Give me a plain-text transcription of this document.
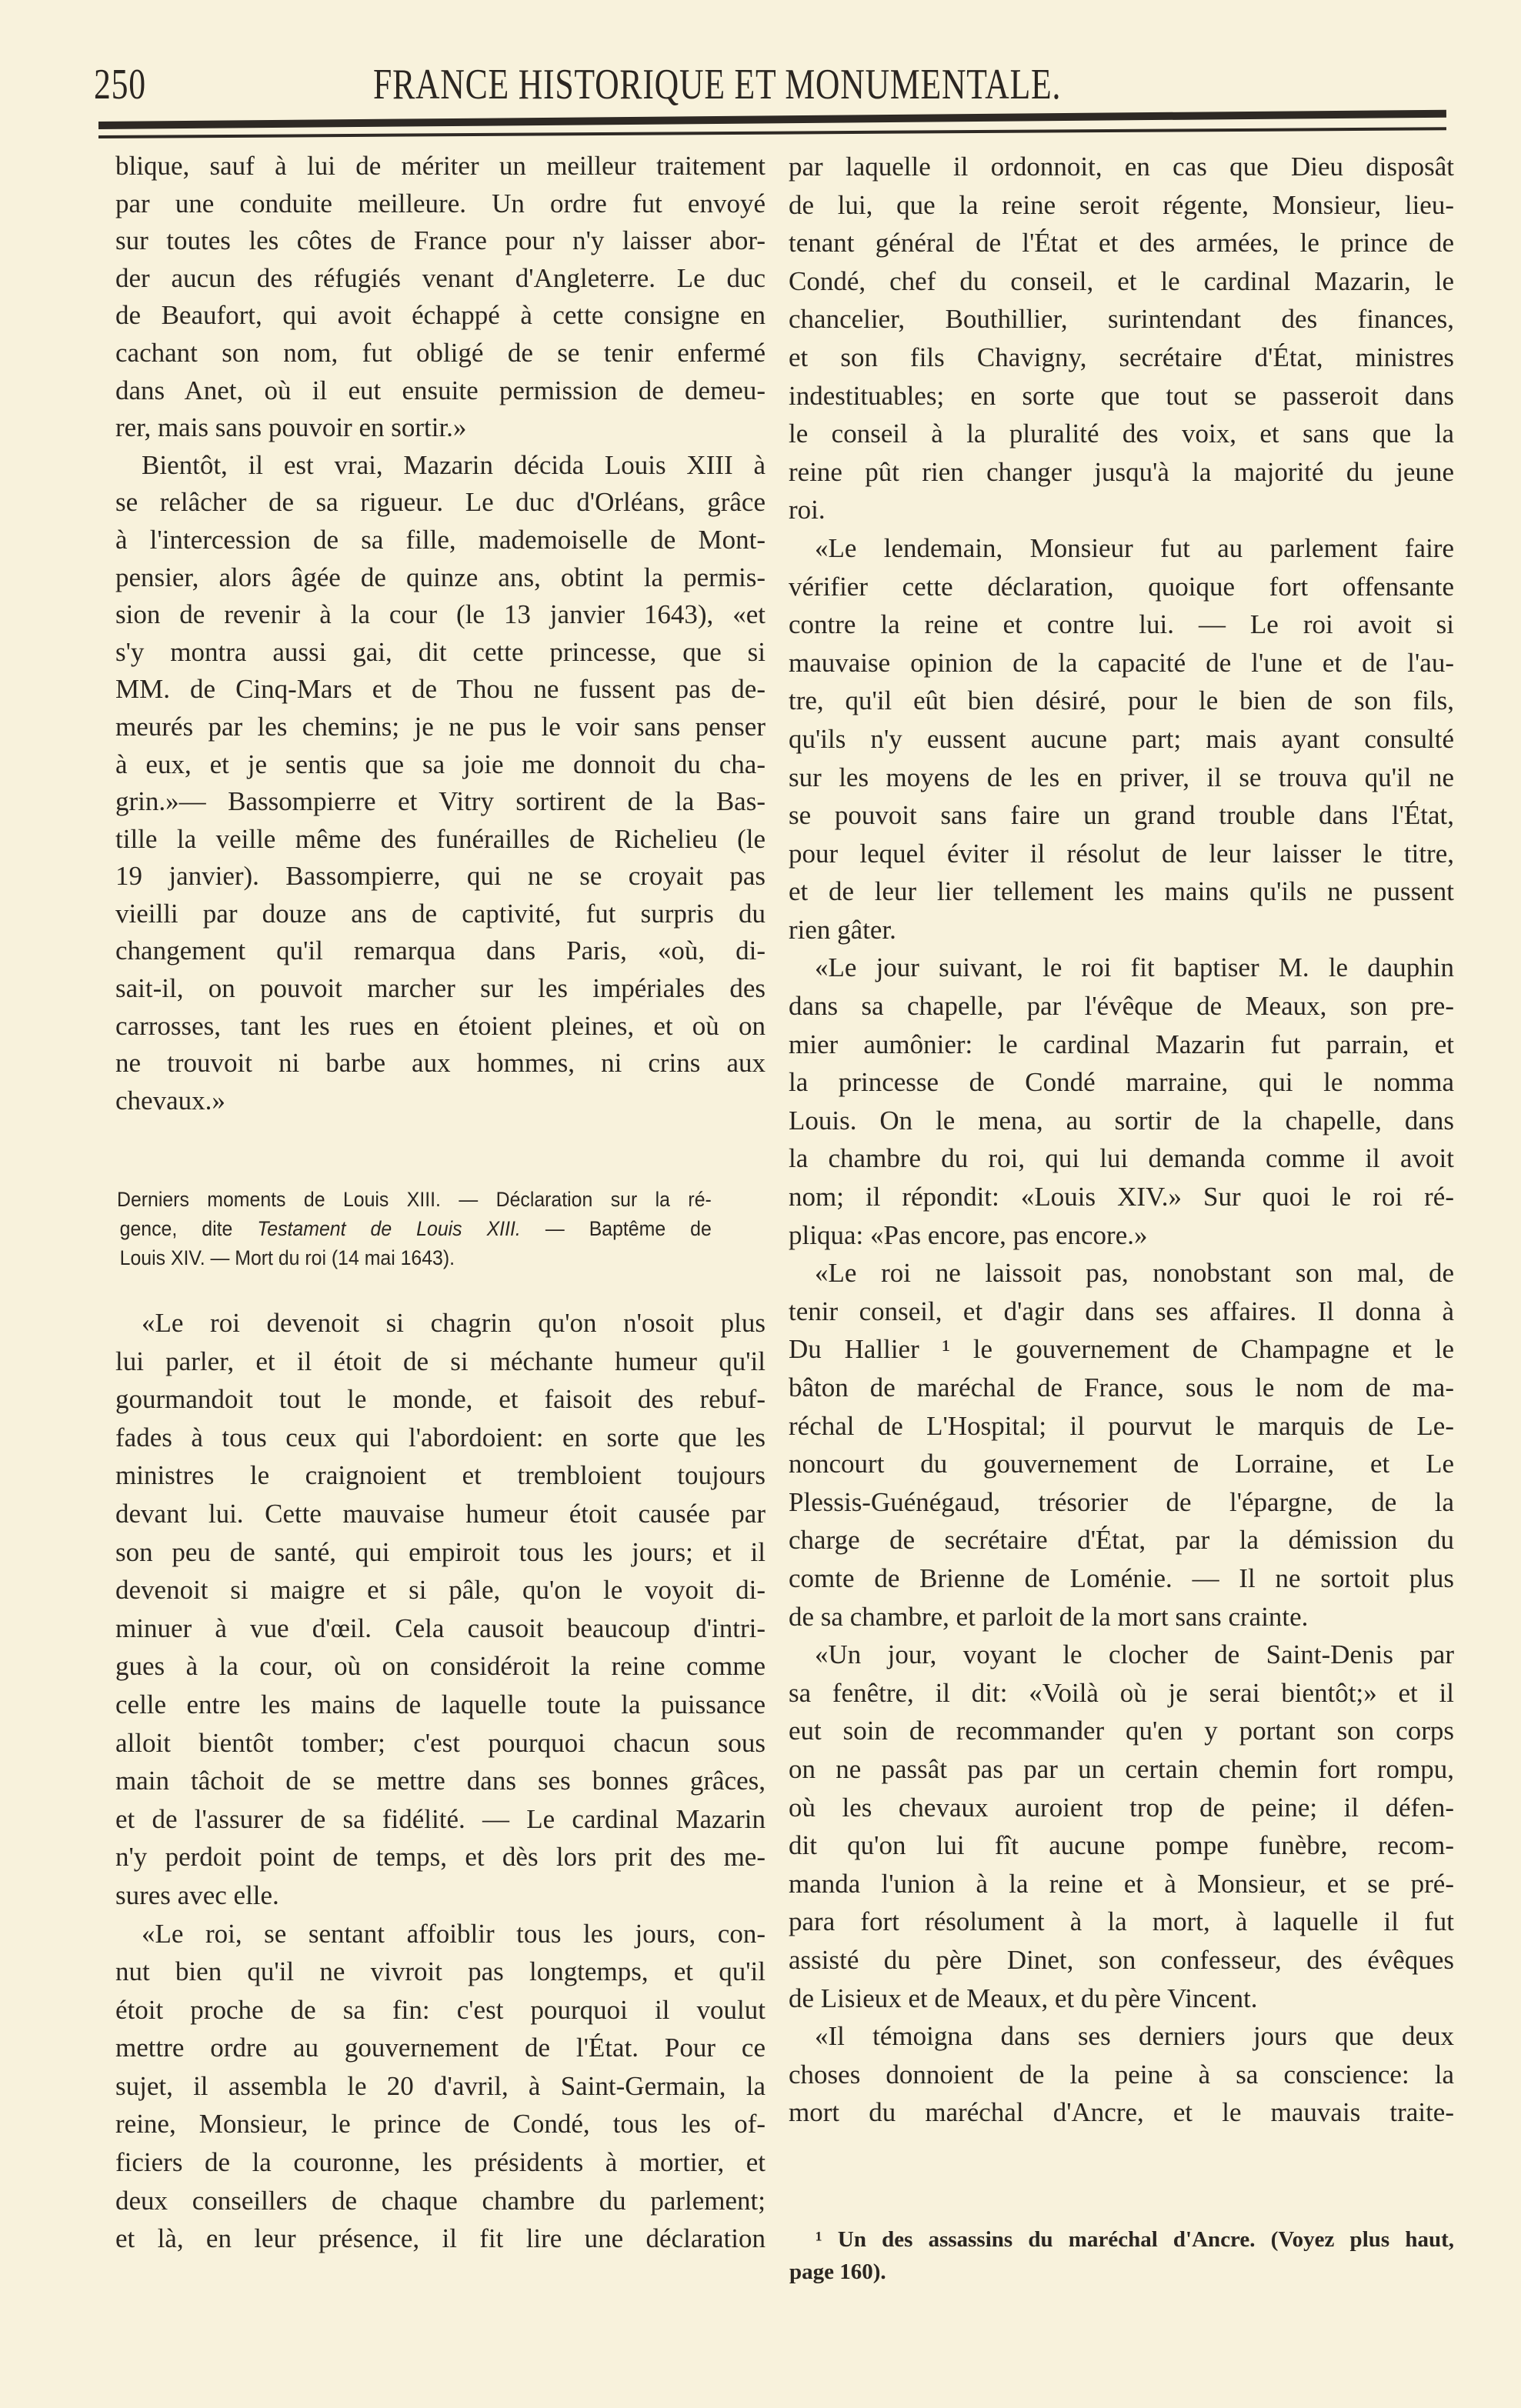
250	FRANCE HISTORIQUE ET MONUMENTALE.
blique, sauf à lui de mériter un meilleur traitement
par une conduite meilleure. Un ordre fut envoyé
sur toutes les côtes de France pour n'y laisser abor-
der aucun des réfugiés venant d'Angleterre. Le duc
de Beaufort, qui avoit échappé à cette consigne en
cachant son nom, fut obligé de se tenir enfermé
dans Anet, où il eut ensuite permission de demeu-
rer, mais sans pouvoir en sortir.»
Bientôt, il est vrai, Mazarin décida Louis XIII à
se relâcher de sa rigueur. Le duc d'Orléans, grâce
à l'intercession de sa fille, mademoiselle de Mont-
pensier, alors âgée de quinze ans, obtint la permis-
sion de revenir à la cour (le 13 janvier 1643), «et
s'y montra aussi gai, dit cette princesse, que si
MM. de Cinq-Mars et de Thou ne fussent pas de-
meurés par les chemins; je ne pus le voir sans penser
à eux, et je sentis que sa joie me donnoit du cha-
grin.»— Bassompierre et Vitry sortirent de la Bas-
tille la veille même des funérailles de Richelieu (le
19 janvier). Bassompierre, qui ne se croyait pas
vieilli par douze ans de captivité, fut surpris du
changement qu'il remarqua dans Paris, «où, di-
sait-il, on pouvoit marcher sur les impériales des
carrosses, tant les rues en étoient pleines, et où on
ne trouvoit ni barbe aux hommes, ni crins aux
chevaux.»
Derniers moments de Louis XIII. — Déclaration sur la ré-
gence, dite Testament de Louis XIII. — Baptême de
Louis XIV. — Mort du roi (14 mai 1643).
«Le roi devenoit si chagrin qu'on n'osoit plus
lui parler, et il étoit de si méchante humeur qu'il
gourmandoit tout le monde, et faisoit des rebuf-
fades à tous ceux qui l'abordoient: en sorte que les
ministres le craignoient et trembloient toujours
devant lui. Cette mauvaise humeur étoit causée par
son peu de santé, qui empiroit tous les jours; et il
devenoit si maigre et si pâle, qu'on le voyoit di-
minuer à vue d'œil. Cela causoit beaucoup d'intri-
gues à la cour, où on considéroit la reine comme
celle entre les mains de laquelle toute la puissance
alloit bientôt tomber; c'est pourquoi chacun sous
main tâchoit de se mettre dans ses bonnes grâces,
et de l'assurer de sa fidélité. — Le cardinal Mazarin
n'y perdoit point de temps, et dès lors prit des me-
sures avec elle.
«Le roi, se sentant affoiblir tous les jours, con-
nut bien qu'il ne vivroit pas longtemps, et qu'il
étoit proche de sa fin: c'est pourquoi il voulut
mettre ordre au gouvernement de l'État. Pour ce
sujet, il assembla le 20 d'avril, à Saint-Germain, la
reine, Monsieur, le prince de Condé, tous les of-
ficiers de la couronne, les présidents à mortier, et
deux conseillers de chaque chambre du parlement;
et là, en leur présence, il fit lire une déclaration
par laquelle il ordonnoit, en cas que Dieu disposât
de lui, que la reine seroit régente, Monsieur, lieu-
tenant général de l'État et des armées, le prince de
Condé, chef du conseil, et le cardinal Mazarin, le
chancelier, Bouthillier, surintendant des finances,
et son fils Chavigny, secrétaire d'État, ministres
indestituables; en sorte que tout se passeroit dans
le conseil à la pluralité des voix, et sans que la
reine pût rien changer jusqu'à la majorité du jeune
roi.
«Le lendemain, Monsieur fut au parlement faire
vérifier cette déclaration, quoique fort offensante
contre la reine et contre lui. — Le roi avoit si
mauvaise opinion de la capacité de l'une et de l'au-
tre, qu'il eût bien désiré, pour le bien de son fils,
qu'ils n'y eussent aucune part; mais ayant consulté
sur les moyens de les en priver, il se trouva qu'il ne
se pouvoit sans faire un grand trouble dans l'État,
pour lequel éviter il résolut de leur laisser le titre,
et de leur lier tellement les mains qu'ils ne pussent
rien gâter.
«Le jour suivant, le roi fit baptiser M. le dauphin
dans sa chapelle, par l'évêque de Meaux, son pre-
mier aumônier: le cardinal Mazarin fut parrain, et
la princesse de Condé marraine, qui le nomma
Louis. On le mena, au sortir de la chapelle, dans
la chambre du roi, qui lui demanda comme il avoit
nom; il répondit: «Louis XIV.» Sur quoi le roi ré-
pliqua: «Pas encore, pas encore.»
«Le roi ne laissoit pas, nonobstant son mal, de
tenir conseil, et d'agir dans ses affaires. Il donna à
Du Hallier ¹ le gouvernement de Champagne et le
bâton de maréchal de France, sous le nom de ma-
réchal de L'Hospital; il pourvut le marquis de Le-
noncourt du gouvernement de Lorraine, et Le
Plessis-Guénégaud, trésorier de l'épargne, de la
charge de secrétaire d'État, par la démission du
comte de Brienne de Loménie. — Il ne sortoit plus
de sa chambre, et parloit de la mort sans crainte.
«Un jour, voyant le clocher de Saint-Denis par
sa fenêtre, il dit: «Voilà où je serai bientôt;» et il
eut soin de recommander qu'en y portant son corps
on ne passât pas par un certain chemin fort rompu,
où les chevaux auroient trop de peine; il défen-
dit qu'on lui fît aucune pompe funèbre, recom-
manda l'union à la reine et à Monsieur, et se pré-
para fort résolument à la mort, à laquelle il fut
assisté du père Dinet, son confesseur, des évêques
de Lisieux et de Meaux, et du père Vincent.
«Il témoigna dans ses derniers jours que deux
choses donnoient de la peine à sa conscience: la
mort du maréchal d'Ancre, et le mauvais traite-
¹ Un des assassins du maréchal d'Ancre. (Voyez plus haut,
page 160).
